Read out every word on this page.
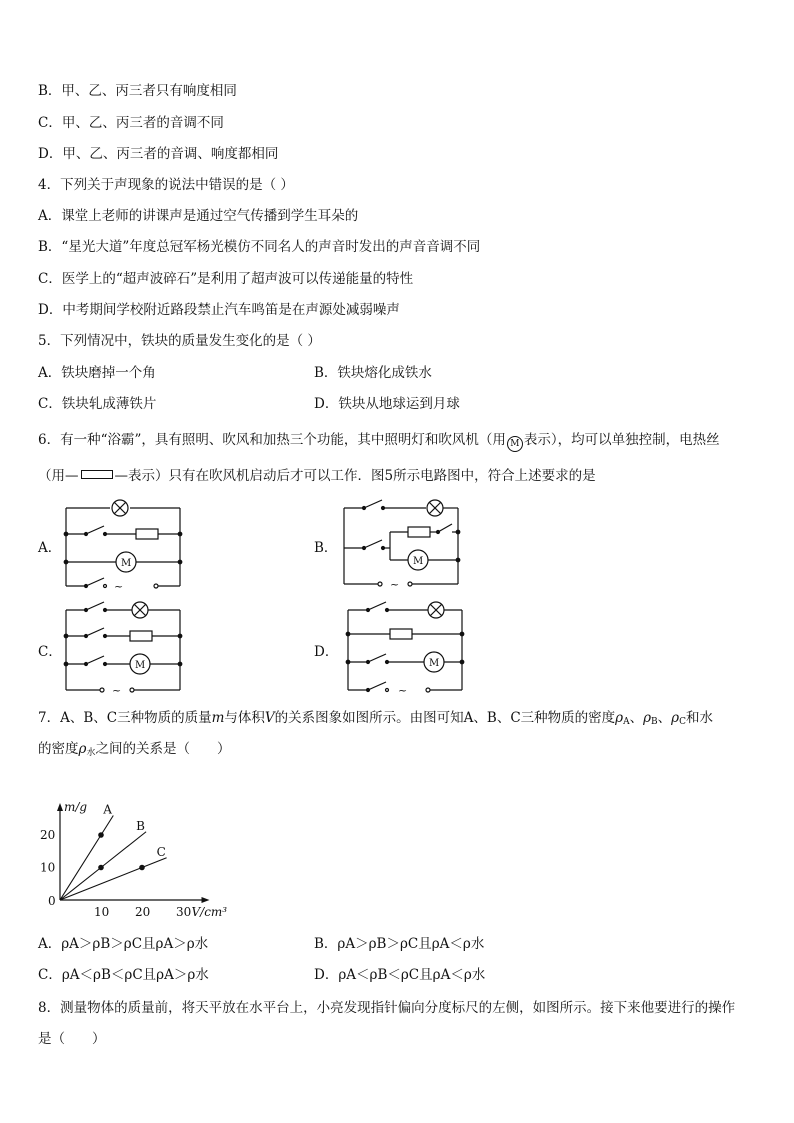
B．甲、乙、丙三者只有响度相同
C．甲、乙、丙三者的音调不同
D．甲、乙、丙三者的音调、响度都相同
4．下列关于声现象的说法中错误的是（ ）
A．课堂上老师的讲课声是通过空气传播到学生耳朵的
B．“星光大道”年度总冠军杨光模仿不同名人的声音时发出的声音音调不同
C．医学上的“超声波碎石”是利用了超声波可以传递能量的特性
D．中考期间学校附近路段禁止汽车鸣笛是在声源处减弱噪声
5．下列情况中，铁块的质量发生变化的是（ ）
A．铁块磨掉一个角	B．铁块熔化成铁水
C．铁块轧成薄铁片	D．铁块从地球运到月球
6．有一种“浴霸”，具有照明、吹风和加热三个功能，其中照明灯和吹风机（用 M 表示），均可以单独控制，电热丝
（用—	—表示）只有在吹风机启动后才可以工作．图5所示电路图中，符合上述要求的是
A．	B．
C．	D．
M
~
M
~
M
~
M
~
7．A、B、C三种物质的质量m与体积V的关系图象如图所示。由图可知A、B、C三种物质的密度$\rho_A$、$\rho_B$、$\rho_C$和水
的密度$\rho_水$之间的关系是（　　）
0
10 20 30
10
20
V/cm³
m/g A
B
C
A．ρA＞ρB＞ρC且ρA＞ρ水	B．ρA＞ρB＞ρC且ρA＜ρ水
C．ρA＜ρB＜ρC且ρA＞ρ水	D．ρA＜ρB＜ρC且ρA＜ρ水
8．测量物体的质量前，将天平放在水平台上，小亮发现指针偏向分度标尺的左侧，如图所示。接下来他要进行的操作
是（　　）
